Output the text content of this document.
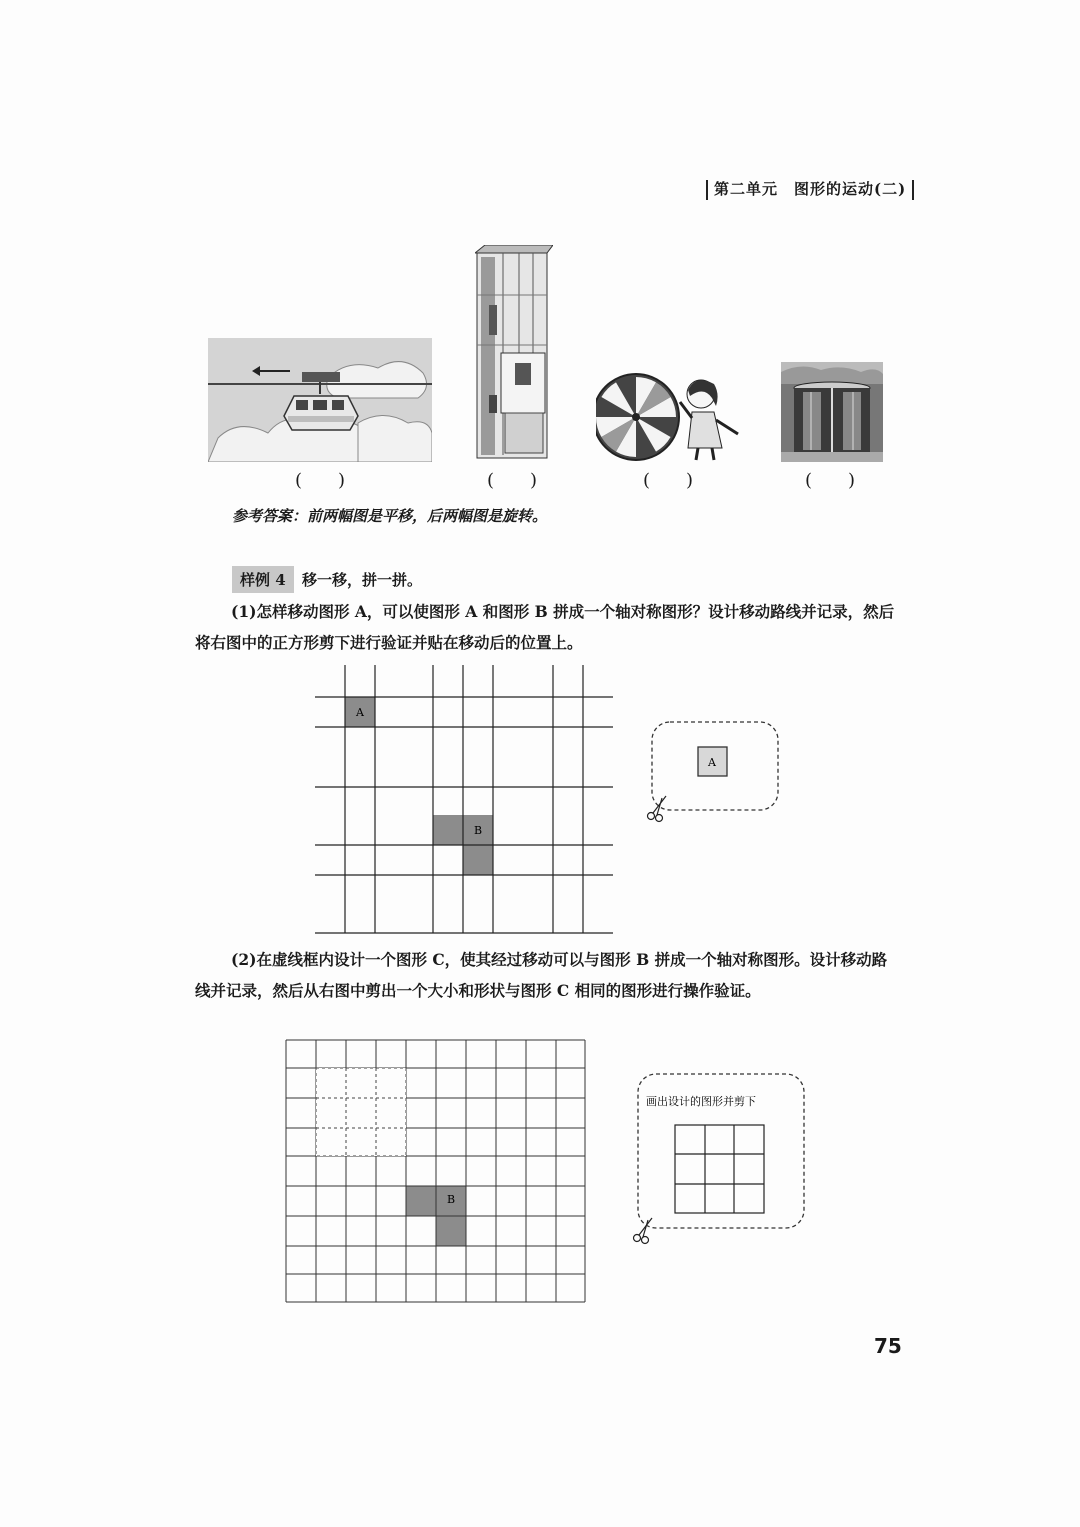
第二单元　图形的运动(二)
(　　)	(　　)	(　　)	(　　)
参考答案：前两幅图是平移，后两幅图是旋转。
样例 4	移一移，拼一拼。
(1)怎样移动图形 A，可以使图形 A 和图形 B 拼成一个轴对称图形？设计移动路线并记录，然后将右图中的正方形剪下进行验证并贴在移动后的位置上。
A
B
A
(2)在虚线框内设计一个图形 C，使其经过移动可以与图形 B 拼成一个轴对称图形。设计移动路线并记录，然后从右图中剪出一个大小和形状与图形 C 相同的图形进行操作验证。
B
画出设计的图形并剪下
75
